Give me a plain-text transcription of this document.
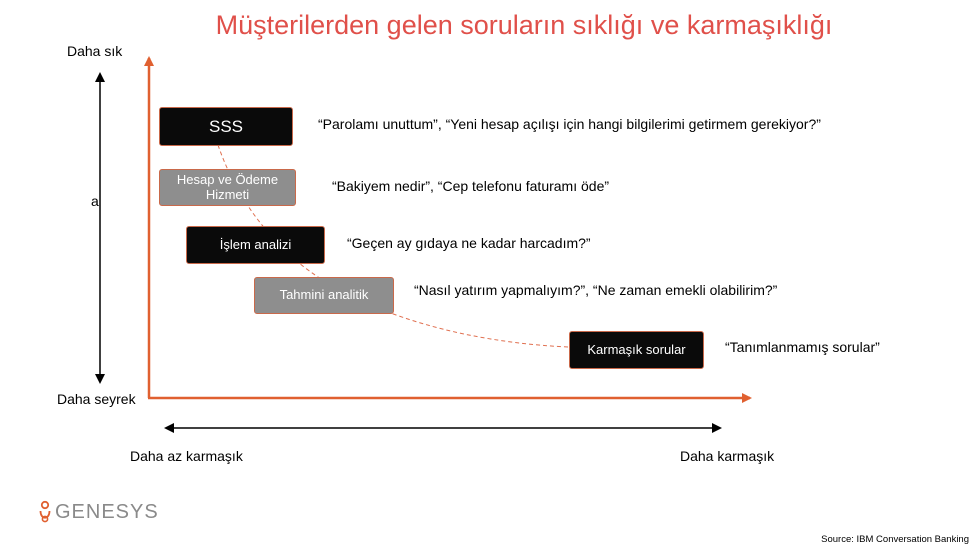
Müşterilerden gelen soruların sıklığı ve karmaşıklığı
Daha sık
a
Daha seyrek
Daha az karmaşık	Daha karmaşık
SSS
Hesap ve Ödeme Hizmeti
İşlem analizi
Tahmini analitik
Karmaşık sorular
“Parolamı unuttum”, “Yeni hesap açılışı için hangi bilgilerimi getirmem gerekiyor?”
“Bakiyem nedir”, “Cep telefonu faturamı öde”
“Geçen ay gıdaya ne kadar harcadım?”
“Nasıl yatırım yapmalıyım?”, “Ne zaman emekli olabilirim?”
“Tanımlanmamış sorular”
GENESYS
Source: IBM Conversation Banking
